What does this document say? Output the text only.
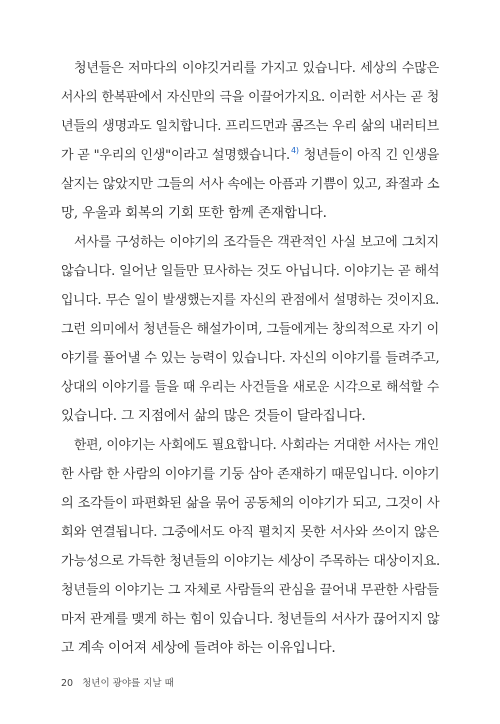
청년들은 저마다의 이야깃거리를 가지고 있습니다. 세상의 수많은
서사의 한복판에서 자신만의 극을 이끌어가지요. 이러한 서사는 곧 청
년들의 생명과도 일치합니다. 프리드먼과 콤즈는 우리 삶의 내러티브
가 곧 "우리의 인생"이라고 설명했습니다.$^{4)}$ 청년들이 아직 긴 인생을
살지는 않았지만 그들의 서사 속에는 아픔과 기쁨이 있고, 좌절과 소
망, 우울과 회복의 기회 또한 함께 존재합니다.
서사를 구성하는 이야기의 조각들은 객관적인 사실 보고에 그치지
않습니다. 일어난 일들만 묘사하는 것도 아닙니다. 이야기는 곧 해석
입니다. 무슨 일이 발생했는지를 자신의 관점에서 설명하는 것이지요.
그런 의미에서 청년들은 해설가이며, 그들에게는 창의적으로 자기 이
야기를 풀어낼 수 있는 능력이 있습니다. 자신의 이야기를 들려주고,
상대의 이야기를 들을 때 우리는 사건들을 새로운 시각으로 해석할 수
있습니다. 그 지점에서 삶의 많은 것들이 달라집니다.
한편, 이야기는 사회에도 필요합니다. 사회라는 거대한 서사는 개인
한 사람 한 사람의 이야기를 기둥 삼아 존재하기 때문입니다. 이야기
의 조각들이 파편화된 삶을 묶어 공동체의 이야기가 되고, 그것이 사
회와 연결됩니다. 그중에서도 아직 펼치지 못한 서사와 쓰이지 않은
가능성으로 가득한 청년들의 이야기는 세상이 주목하는 대상이지요.
청년들의 이야기는 그 자체로 사람들의 관심을 끌어내 무관한 사람들
마저 관계를 맺게 하는 힘이 있습니다. 청년들의 서사가 끊어지지 않
고 계속 이어져 세상에 들려야 하는 이유입니다.
20 청년이 광야를 지날 때
